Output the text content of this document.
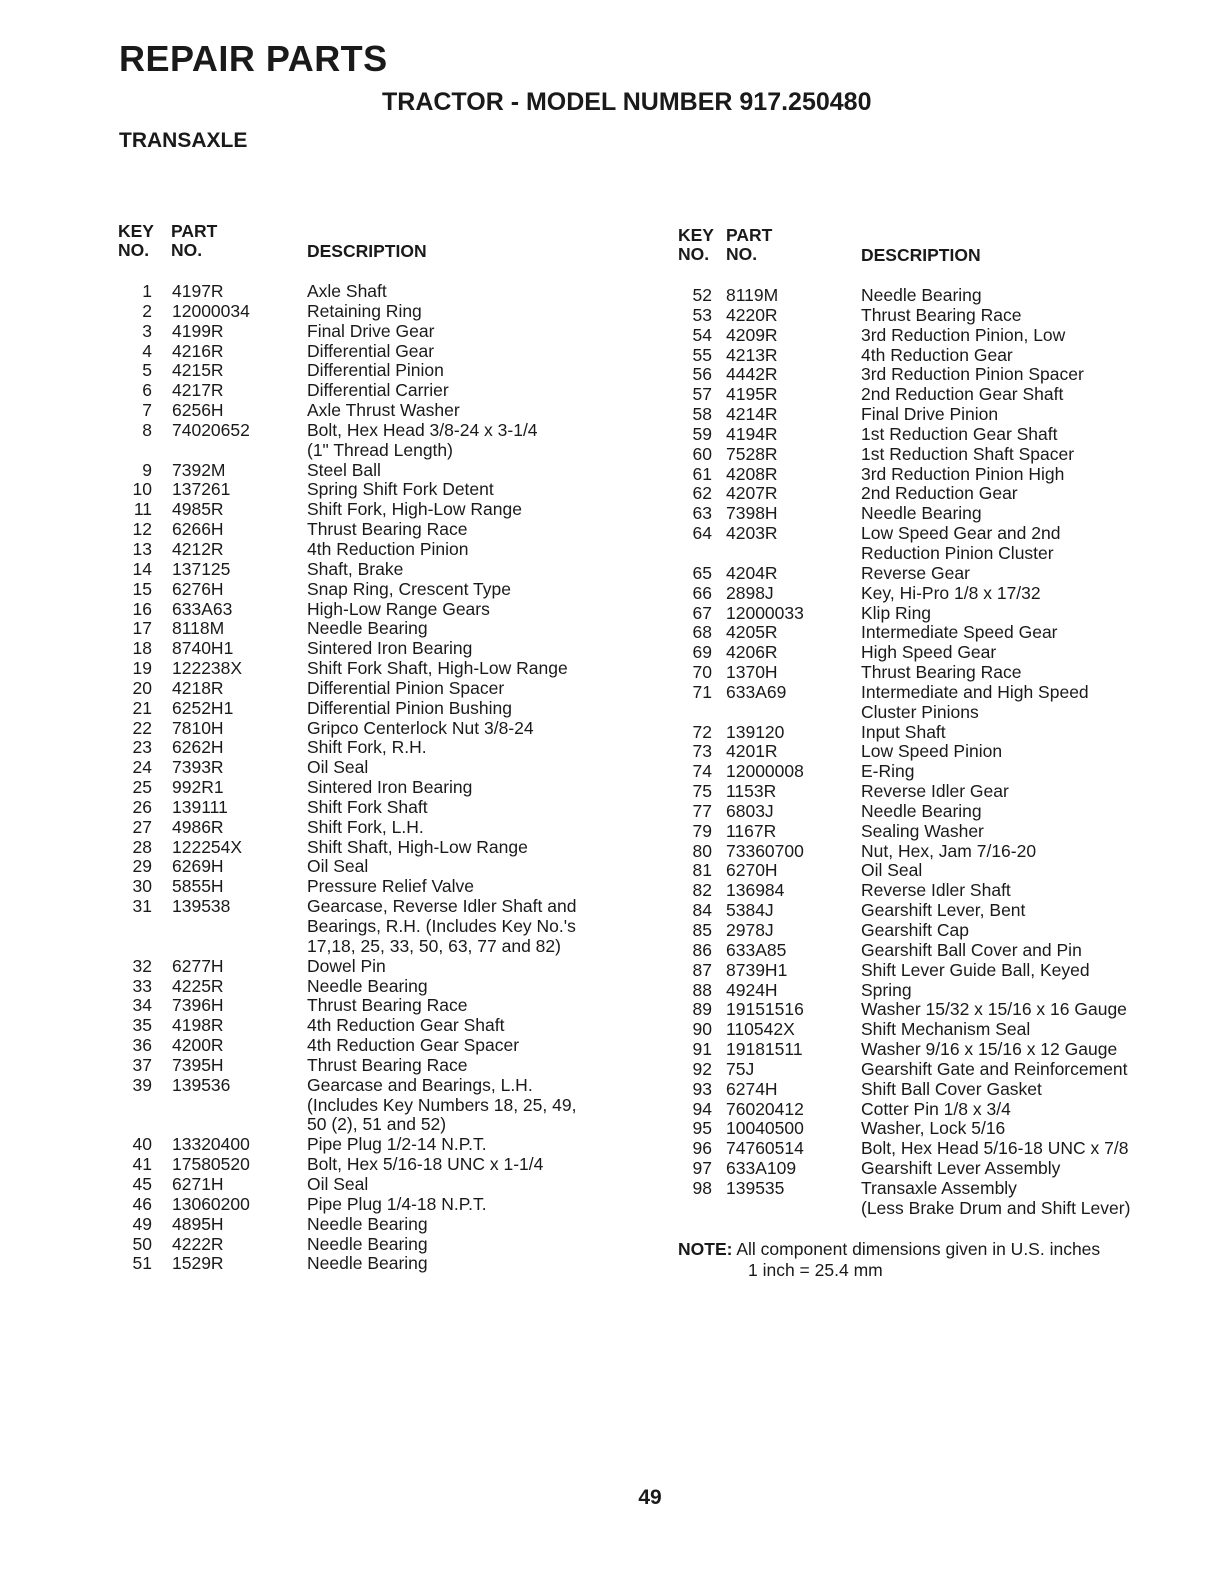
REPAIR PARTS
TRACTOR - MODEL NUMBER 917.250480
TRANSAXLE
KEY
NO.
PART
NO.	DESCRIPTION
1	4197R	Axle Shaft
2	12000034	Retaining Ring
3	4199R	Final Drive Gear
4	4216R	Differential Gear
5	4215R	Differential Pinion
6	4217R	Differential Carrier
7	6256H	Axle Thrust Washer
8	74020652	Bolt, Hex Head 3/8-24 x 3-1/4
(1" Thread Length)
9	7392M	Steel Ball
10	137261	Spring Shift Fork Detent
11	4985R	Shift Fork, High-Low Range
12	6266H	Thrust Bearing Race
13	4212R	4th Reduction Pinion
14	137125	Shaft, Brake
15	6276H	Snap Ring, Crescent Type
16	633A63	High-Low Range Gears
17	8118M	Needle Bearing
18	8740H1	Sintered Iron Bearing
19	122238X	Shift Fork Shaft, High-Low Range
20	4218R	Differential Pinion Spacer
21	6252H1	Differential Pinion Bushing
22	7810H	Gripco Centerlock Nut 3/8-24
23	6262H	Shift Fork, R.H.
24	7393R	Oil Seal
25	992R1	Sintered Iron Bearing
26	139111	Shift Fork Shaft
27	4986R	Shift Fork, L.H.
28	122254X	Shift Shaft, High-Low Range
29	6269H	Oil Seal
30	5855H	Pressure Relief Valve
31	139538	Gearcase, Reverse Idler Shaft and
Bearings, R.H. (Includes Key No.'s
17,18, 25, 33, 50, 63, 77 and 82)
32	6277H	Dowel Pin
33	4225R	Needle Bearing
34	7396H	Thrust Bearing Race
35	4198R	4th Reduction Gear Shaft
36	4200R	4th Reduction Gear Spacer
37	7395H	Thrust Bearing Race
39	139536	Gearcase and Bearings, L.H.
(Includes Key Numbers 18, 25, 49,
50 (2), 51 and 52)
40	13320400	Pipe Plug 1/2-14 N.P.T.
41	17580520	Bolt, Hex 5/16-18 UNC x 1-1/4
45	6271H	Oil Seal
46	13060200	Pipe Plug 1/4-18 N.P.T.
49	4895H	Needle Bearing
50	4222R	Needle Bearing
51	1529R	Needle Bearing
KEY
NO.
PART
NO.	DESCRIPTION
52 8119M	Needle Bearing
53 4220R	Thrust Bearing Race
54 4209R	3rd Reduction Pinion, Low
55 4213R	4th Reduction Gear
56 4442R	3rd Reduction Pinion Spacer
57 4195R	2nd Reduction Gear Shaft
58 4214R	Final Drive Pinion
59 4194R	1st Reduction Gear Shaft
60 7528R	1st Reduction Shaft Spacer
61 4208R	3rd Reduction Pinion High
62 4207R	2nd Reduction Gear
63 7398H	Needle Bearing
64 4203R	Low Speed Gear and 2nd
Reduction Pinion Cluster
65 4204R	Reverse Gear
66 2898J	Key, Hi-Pro 1/8 x 17/32
67 12000033	Klip Ring
68 4205R	Intermediate Speed Gear
69 4206R	High Speed Gear
70 1370H	Thrust Bearing Race
71 633A69	Intermediate and High Speed
Cluster Pinions
72 139120	Input Shaft
73 4201R	Low Speed Pinion
74 12000008	E-Ring
75 1153R	Reverse Idler Gear
77 6803J	Needle Bearing
79 1167R	Sealing Washer
80 73360700	Nut, Hex, Jam 7/16-20
81 6270H	Oil Seal
82 136984	Reverse Idler Shaft
84 5384J	Gearshift Lever, Bent
85 2978J	Gearshift Cap
86 633A85	Gearshift Ball Cover and Pin
87 8739H1	Shift Lever Guide Ball, Keyed
88 4924H	Spring
89 19151516	Washer 15/32 x 15/16 x 16 Gauge
90 110542X	Shift Mechanism Seal
91 19181511	Washer 9/16 x 15/16 x 12 Gauge
92 75J	Gearshift Gate and Reinforcement
93 6274H	Shift Ball Cover Gasket
94 76020412	Cotter Pin 1/8 x 3/4
95 10040500	Washer, Lock 5/16
96 74760514	Bolt, Hex Head 5/16-18 UNC x 7/8
97 633A109	Gearshift Lever Assembly
98 139535	Transaxle Assembly
(Less Brake Drum and Shift Lever)
NOTE: All component dimensions given in U.S. inches
1 inch = 25.4 mm
49
